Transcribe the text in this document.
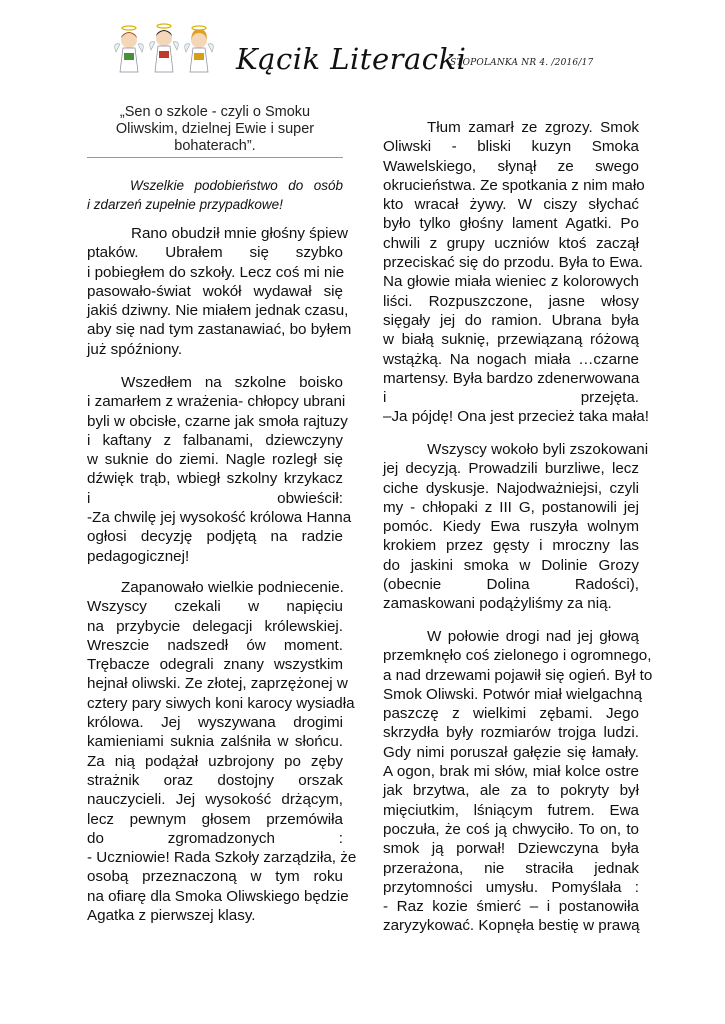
Kącik Literacki
STOPOLANKA NR 4. /2016/17
„Sen o szkole - czyli o Smoku Oliwskim, dzielnej Ewie i super bohaterach”.
Wszelkie podobieństwo do osób
i zdarzeń zupełnie przypadkowe!
Rano obudził mnie głośny śpiew
ptaków. Ubrałem się szybko
i pobiegłem do szkoły. Lecz coś mi nie
pasowało-świat wokół wydawał się
jakiś dziwny. Nie miałem jednak czasu,
aby się nad tym zastanawiać, bo byłem
już spóźniony.
Wszedłem na szkolne boisko
i zamarłem z wrażenia- chłopcy ubrani
byli w obcisłe, czarne jak smoła rajtuzy
i kaftany z falbanami, dziewczyny
w suknie do ziemi. Nagle rozległ się
dźwięk trąb, wbiegł szkolny krzykacz
i obwieścił:
-Za chwilę jej wysokość królowa Hanna
ogłosi decyzję podjętą na radzie
pedagogicznej!
Zapanowało wielkie podniecenie.
Wszyscy czekali w napięciu
na przybycie delegacji królewskiej.
Wreszcie nadszedł ów moment.
Trębacze odegrali znany wszystkim
hejnał oliwski. Ze złotej, zaprzężonej w
cztery pary siwych koni karocy wysiadła
królowa. Jej wyszywana drogimi
kamieniami suknia zalśniła w słońcu.
Za nią podążał uzbrojony po zęby
strażnik oraz dostojny orszak
nauczycieli. Jej wysokość drżącym,
lecz pewnym głosem przemówiła
do zgromadzonych :
- Uczniowie! Rada Szkoły zarządziła, że
osobą przeznaczoną w tym roku
na ofiarę dla Smoka Oliwskiego będzie
Agatka z pierwszej klasy.
Tłum zamarł ze zgrozy. Smok
Oliwski - bliski kuzyn Smoka
Wawelskiego, słynął ze swego
okrucieństwa. Ze spotkania z nim mało
kto wracał żywy. W ciszy słychać
było tylko głośny lament Agatki. Po
chwili z grupy uczniów ktoś zaczął
przeciskać się do przodu. Była to Ewa.
Na głowie miała wieniec z kolorowych
liści. Rozpuszczone, jasne włosy
sięgały jej do ramion. Ubrana była
w białą suknię, przewiązaną różową
wstążką. Na nogach miała …czarne
martensy. Była bardzo zdenerwowana
i przejęta.
–Ja pójdę! Ona jest przecież taka mała!
Wszyscy wokoło byli zszokowani
jej decyzją. Prowadzili burzliwe, lecz
ciche dyskusje. Najodważniejsi, czyli
my - chłopaki z III G, postanowili jej
pomóc. Kiedy Ewa ruszyła wolnym
krokiem przez gęsty i mroczny las
do jaskini smoka w Dolinie Grozy
(obecnie Dolina Radości),
zamaskowani podążyliśmy za nią.
W połowie drogi nad jej głową
przemknęło coś zielonego i ogromnego,
a nad drzewami pojawił się ogień. Był to
Smok Oliwski. Potwór miał wielgachną
paszczę z wielkimi zębami. Jego
skrzydła były rozmiarów trojga ludzi.
Gdy nimi poruszał gałęzie się łamały.
A ogon, brak mi słów, miał kolce ostre
jak brzytwa, ale za to pokryty był
mięciutkim, lśniącym futrem. Ewa
poczuła, że coś ją chwyciło. To on, to
smok ją porwał! Dziewczyna była
przerażona, nie straciła jednak
przytomności umysłu. Pomyślała :
- Raz kozie śmierć – i postanowiła
zaryzykować. Kopnęła bestię w prawą
